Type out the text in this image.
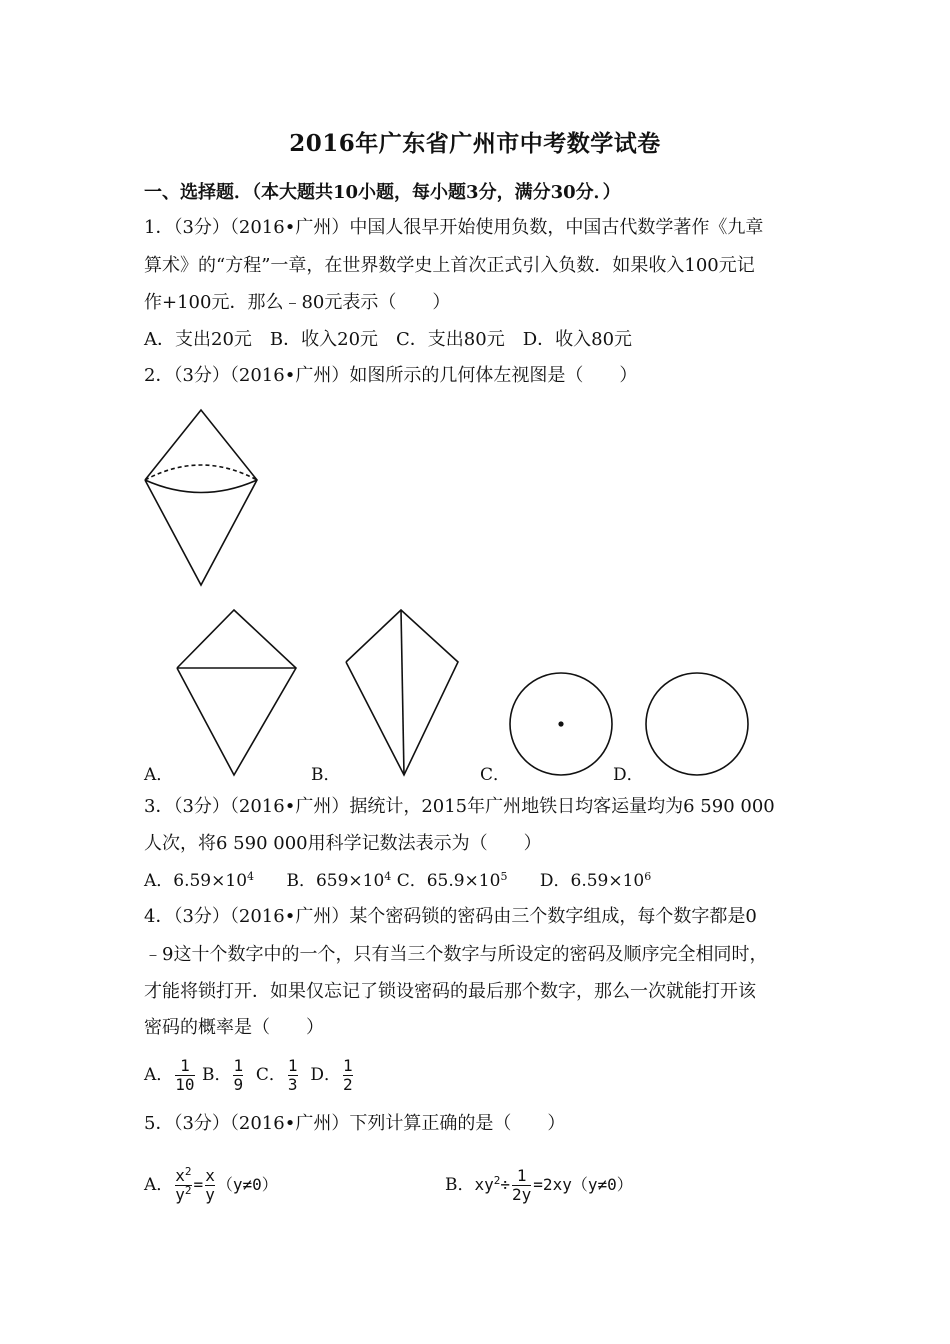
2016年广东省广州市中考数学试卷
一、选择题．（本大题共10小题，每小题3分，满分30分．）
1．（3分）（2016•广州）中国人很早开始使用负数，中国古代数学著作《九章
算术》的“方程”一章，在世界数学史上首次正式引入负数．如果收入100元记
作+100元．那么﹣80元表示（　　）
A．支出20元　B．收入20元　C．支出80元　D．收入80元
2．（3分）（2016•广州）如图所示的几何体左视图是（　　）
A．	B．	C．	D．
3．（3分）（2016•广州）据统计，2015年广州地铁日均客运量均为6 590 000
人次，将6 590 000用科学记数法表示为（　　）
A．$6.59\times 10^4$ B．$659\times 10^4$ C．$65.9\times 10^5$ D．$6.59\times 10^6$
4．（3分）（2016•广州）某个密码锁的密码由三个数字组成，每个数字都是0
﹣9这十个数字中的一个，只有当三个数字与所设定的密码及顺序完全相同时，
才能将锁打开．如果仅忘记了锁设密码的最后那个数字，那么一次就能打开该
密码的概率是（　　）
A． $\frac{1}{10}$ B． $\frac{1}{9}$ C． $\frac{1}{3}$ D． $\frac{1}{2}$
5．（3分）（2016•广州）下列计算正确的是（　　）
A． $\frac{x^2}{y^2} = \frac{x}{y} (y\ne 0)$	B．$xy^2\div \frac{1}{2y} =2xy(y\ne 0)$
